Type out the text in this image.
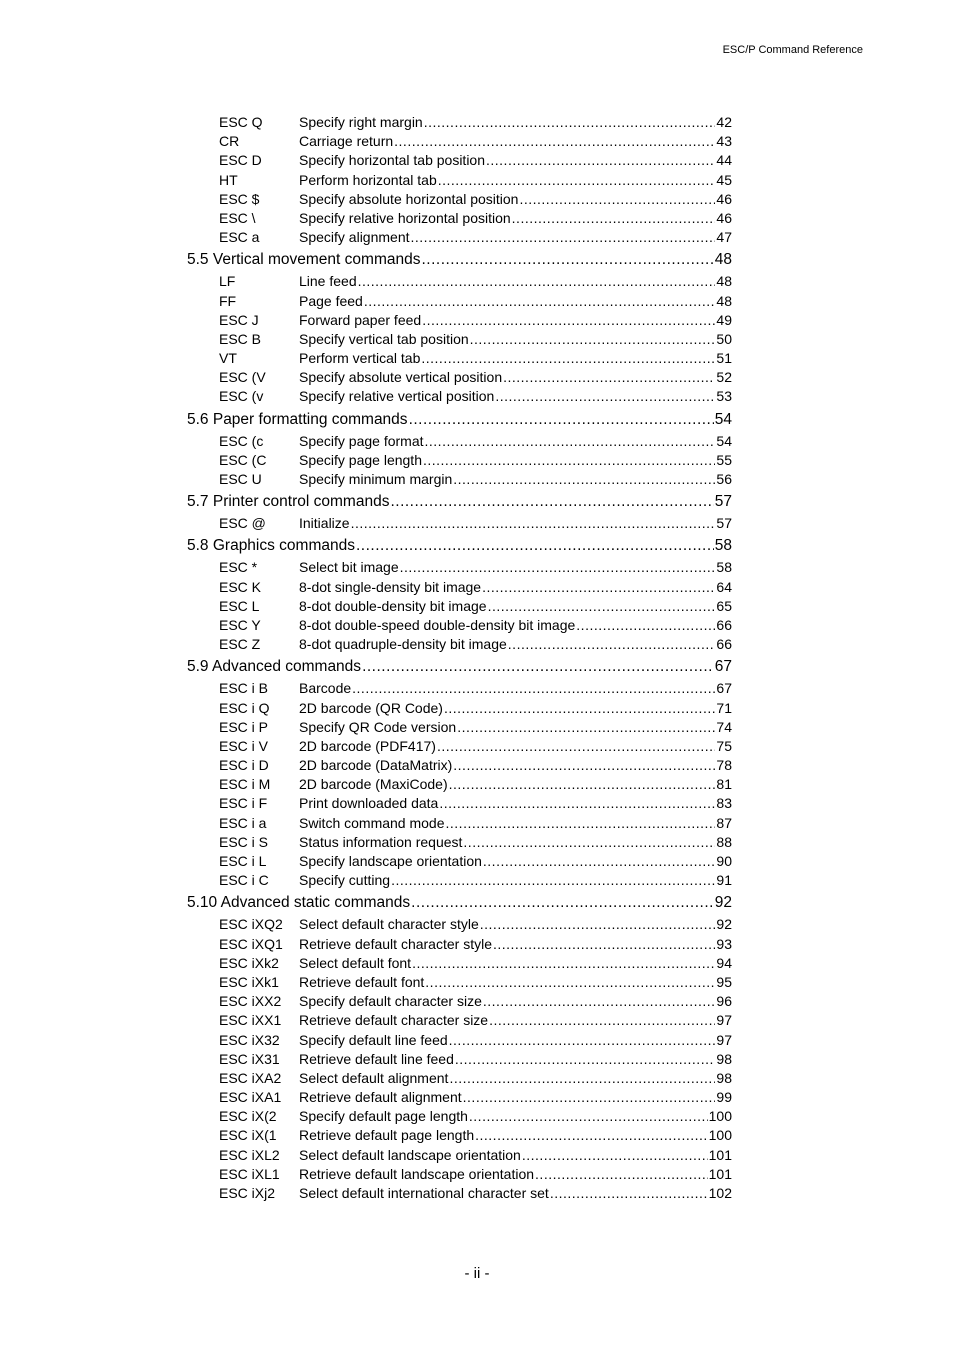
ESC/P Command Reference
ESC Q	Specify right margin .....	42
CR	Carriage return .....	43
ESC D	Specify horizontal tab position .....	44
HT	Perform horizontal tab .....	45
ESC $	Specify absolute horizontal position .....	46
ESC \	Specify relative horizontal position .....	46
ESC a	Specify alignment .....	47
5.5 Vertical movement commands .....	48
LF	Line feed .....	48
FF	Page feed .....	48
ESC J	Forward paper feed .....	49
ESC B	Specify vertical tab position .....	50
VT	Perform vertical tab .....	51
ESC (V	Specify absolute vertical position .....	52
ESC (v	Specify relative vertical position .....	53
5.6 Paper formatting commands .....	54
ESC (c	Specify page format .....	54
ESC (C	Specify page length .....	55
ESC U	Specify minimum margin .....	56
5.7 Printer control commands .....	57
ESC @	Initialize .....	57
5.8 Graphics commands .....	58
ESC *	Select bit image .....	58
ESC K	8-dot single-density bit image .....	64
ESC L	8-dot double-density bit image .....	65
ESC Y	8-dot double-speed double-density bit image .....	66
ESC Z	8-dot quadruple-density bit image .....	66
5.9 Advanced commands .....	67
ESC i B	Barcode .....	67
ESC i Q	2D barcode (QR Code) .....	71
ESC i P	Specify QR Code version .....	74
ESC i V	2D barcode (PDF417) .....	75
ESC i D	2D barcode (DataMatrix) .....	78
ESC i M	2D barcode (MaxiCode) .....	81
ESC i F	Print downloaded data .....	83
ESC i a	Switch command mode .....	87
ESC i S	Status information request .....	88
ESC i L	Specify landscape orientation .....	90
ESC i C	Specify cutting .....	91
5.10 Advanced static commands .....	92
ESC iXQ2	Select default character style .....	92
ESC iXQ1	Retrieve default character style .....	93
ESC iXk2	Select default font .....	94
ESC iXk1	Retrieve default font .....	95
ESC iXX2	Specify default character size .....	96
ESC iXX1	Retrieve default character size .....	97
ESC iX32	Specify default line feed .....	97
ESC iX31	Retrieve default line feed .....	98
ESC iXA2	Select default alignment .....	98
ESC iXA1	Retrieve default alignment .....	99
ESC iX(2	Specify default page length .....	100
ESC iX(1	Retrieve default page length .....	100
ESC iXL2	Select default landscape orientation .....	101
ESC iXL1	Retrieve default landscape orientation .....	101
ESC iXj2	Select default international character set .....	102
- ii -
